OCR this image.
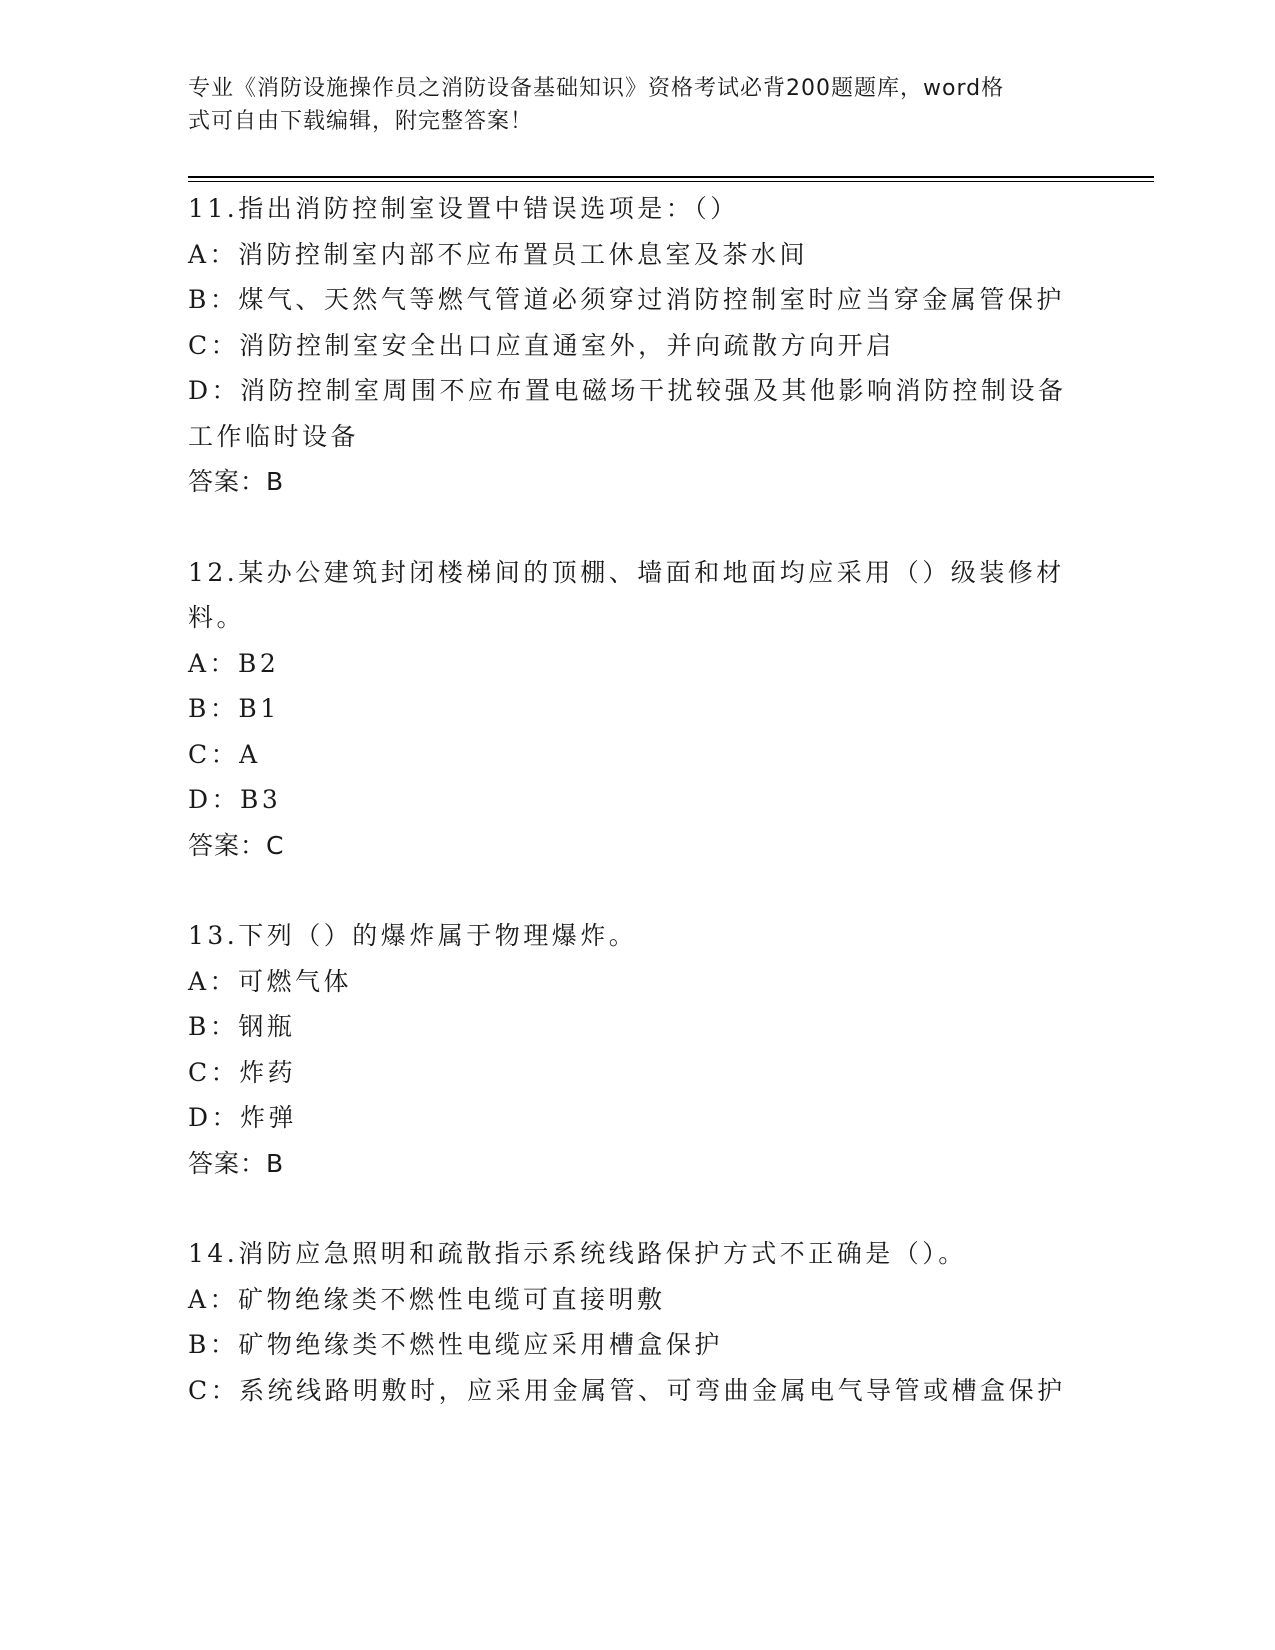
专业《消防设施操作员之消防设备基础知识》资格考试必背200题题库，word格
式可自由下载编辑，附完整答案！

11.指出消防控制室设置中错误选项是：（）

A：消防控制室内部不应布置员工休息室及茶水间

B：煤气、天然气等燃气管道必须穿过消防控制室时应当穿金属管保护

C：消防控制室安全出口应直通室外，并向疏散方向开启

D：消防控制室周围不应布置电磁场干扰较强及其他影响消防控制设备工作临时设备

答案：B

12.某办公建筑封闭楼梯间的顶棚、墙面和地面均应采用（）级装修材料。

A：B2

B：B1

C：A

D：B3

答案：C

13.下列（）的爆炸属于物理爆炸。

A：可燃气体

B：钢瓶

C：炸药

D：炸弹

答案：B

14.消防应急照明和疏散指示系统线路保护方式不正确是（）。

A：矿物绝缘类不燃性电缆可直接明敷

B：矿物绝缘类不燃性电缆应采用槽盒保护

C：系统线路明敷时，应采用金属管、可弯曲金属电气导管或槽盒保护
